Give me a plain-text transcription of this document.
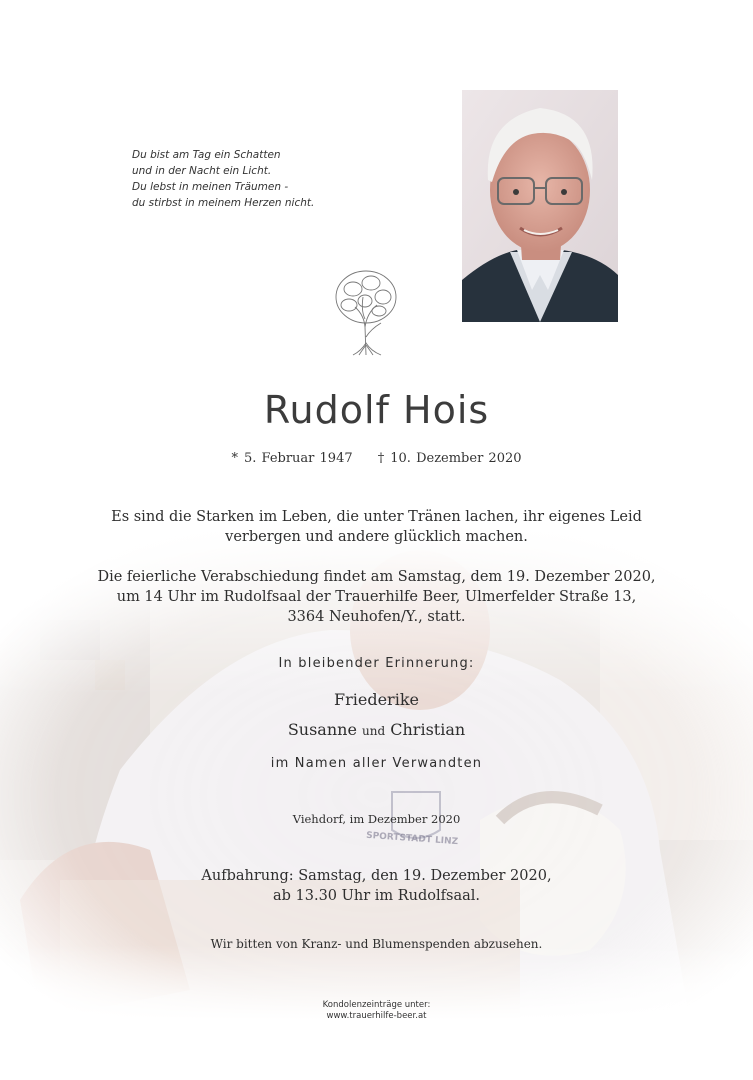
Du bist am Tag ein Schatten
und in der Nacht ein Licht.
Du lebst in meinen Träumen -
du stirbst in meinem Herzen nicht.
Rudolf Hois
* 5. Februar 1947 † 10. Dezember 2020
Es sind die Starken im Leben, die unter Tränen lachen, ihr eigenes Leid
verbergen und andere glücklich machen.
Die feierliche Verabschiedung findet am Samstag, dem 19. Dezember 2020,
um 14 Uhr im Rudolfsaal der Trauerhilfe Beer, Ulmerfelder Straße 13,
3364 Neuhofen/Y., statt.
In bleibender Erinnerung:
Friederike
Susanne und Christian
im Namen aller Verwandten
Viehdorf, im Dezember 2020
SPORTSTADT LINZ
Aufbahrung: Samstag, den 19. Dezember 2020,
ab 13.30 Uhr im Rudolfsaal.
Wir bitten von Kranz- und Blumenspenden abzusehen.
Kondolenzeinträge unter:
www.trauerhilfe-beer.at
